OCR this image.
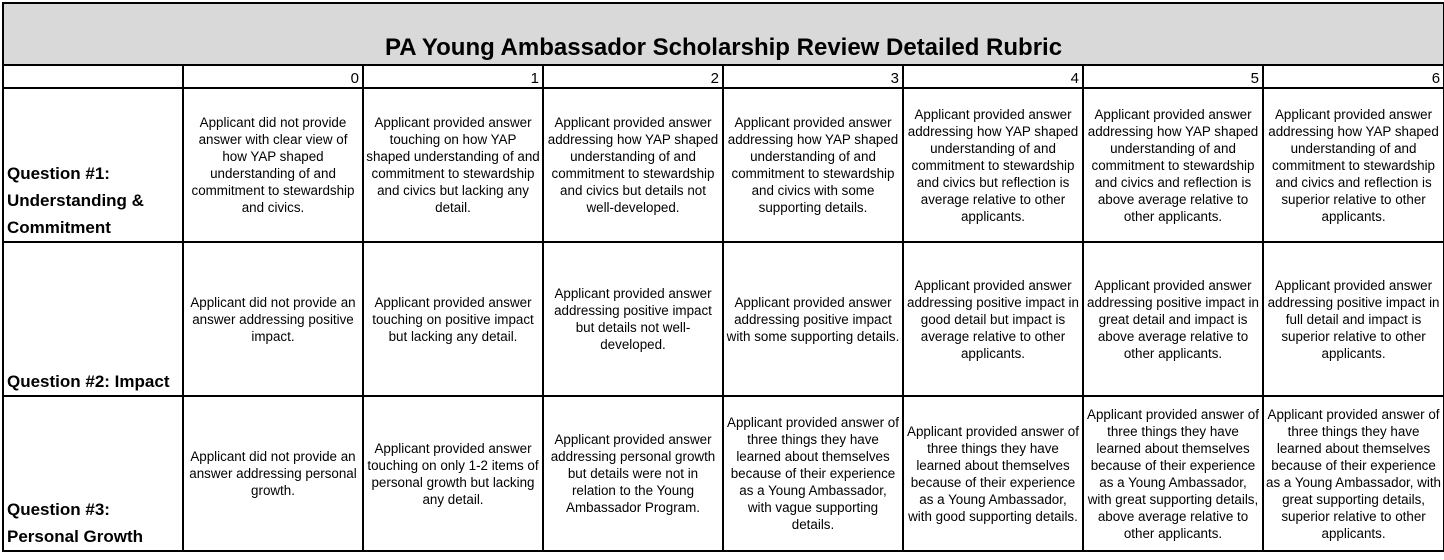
PA Young Ambassador Scholarship Review Detailed Rubric							
	0	1	2	3	4	5	6
Question #1: Understanding & Commitment	Applicant did not provide answer with clear view of how YAP shaped understanding of and commitment to stewardship and civics.	Applicant provided answer touching on how YAP shaped understanding of and commitment to stewardship and civics but lacking any detail.	Applicant provided answer addressing how YAP shaped understanding of and commitment to stewardship and civics but details not well-developed.	Applicant provided answer addressing how YAP shaped understanding of and commitment to stewardship and civics with some supporting details.	Applicant provided answer addressing how YAP shaped understanding of and commitment to stewardship and civics but reflection is average relative to other applicants.	Applicant provided answer addressing how YAP shaped understanding of and commitment to stewardship and civics and reflection is above average relative to other applicants.	Applicant provided answer addressing how YAP shaped understanding of and commitment to stewardship and civics and reflection is superior relative to other applicants.
Question #2: Impact	Applicant did not provide an answer addressing positive impact.	Applicant provided answer touching on positive impact but lacking any detail.	Applicant provided answer addressing positive impact but details not well-developed.	Applicant provided answer addressing positive impact with some supporting details.	Applicant provided answer addressing positive impact in good detail but impact is average relative to other applicants.	Applicant provided answer addressing positive impact in great detail and impact is above average relative to other applicants.	Applicant provided answer addressing positive impact in full detail and impact is superior relative to other applicants.
Question #3: Personal Growth	Applicant did not provide an answer addressing personal growth.	Applicant provided answer touching on only 1-2 items of personal growth but lacking any detail.	Applicant provided answer addressing personal growth but details were not in relation to the Young Ambassador Program.	Applicant provided answer of three things they have learned about themselves because of their experience as a Young Ambassador, with vague supporting details.	Applicant provided answer of three things they have learned about themselves because of their experience as a Young Ambassador, with good supporting details.	Applicant provided answer of three things they have learned about themselves because of their experience as a Young Ambassador, with great supporting details, above average relative to other applicants.	Applicant provided answer of three things they have learned about themselves because of their experience as a Young Ambassador, with great supporting details, superior relative to other applicants.
